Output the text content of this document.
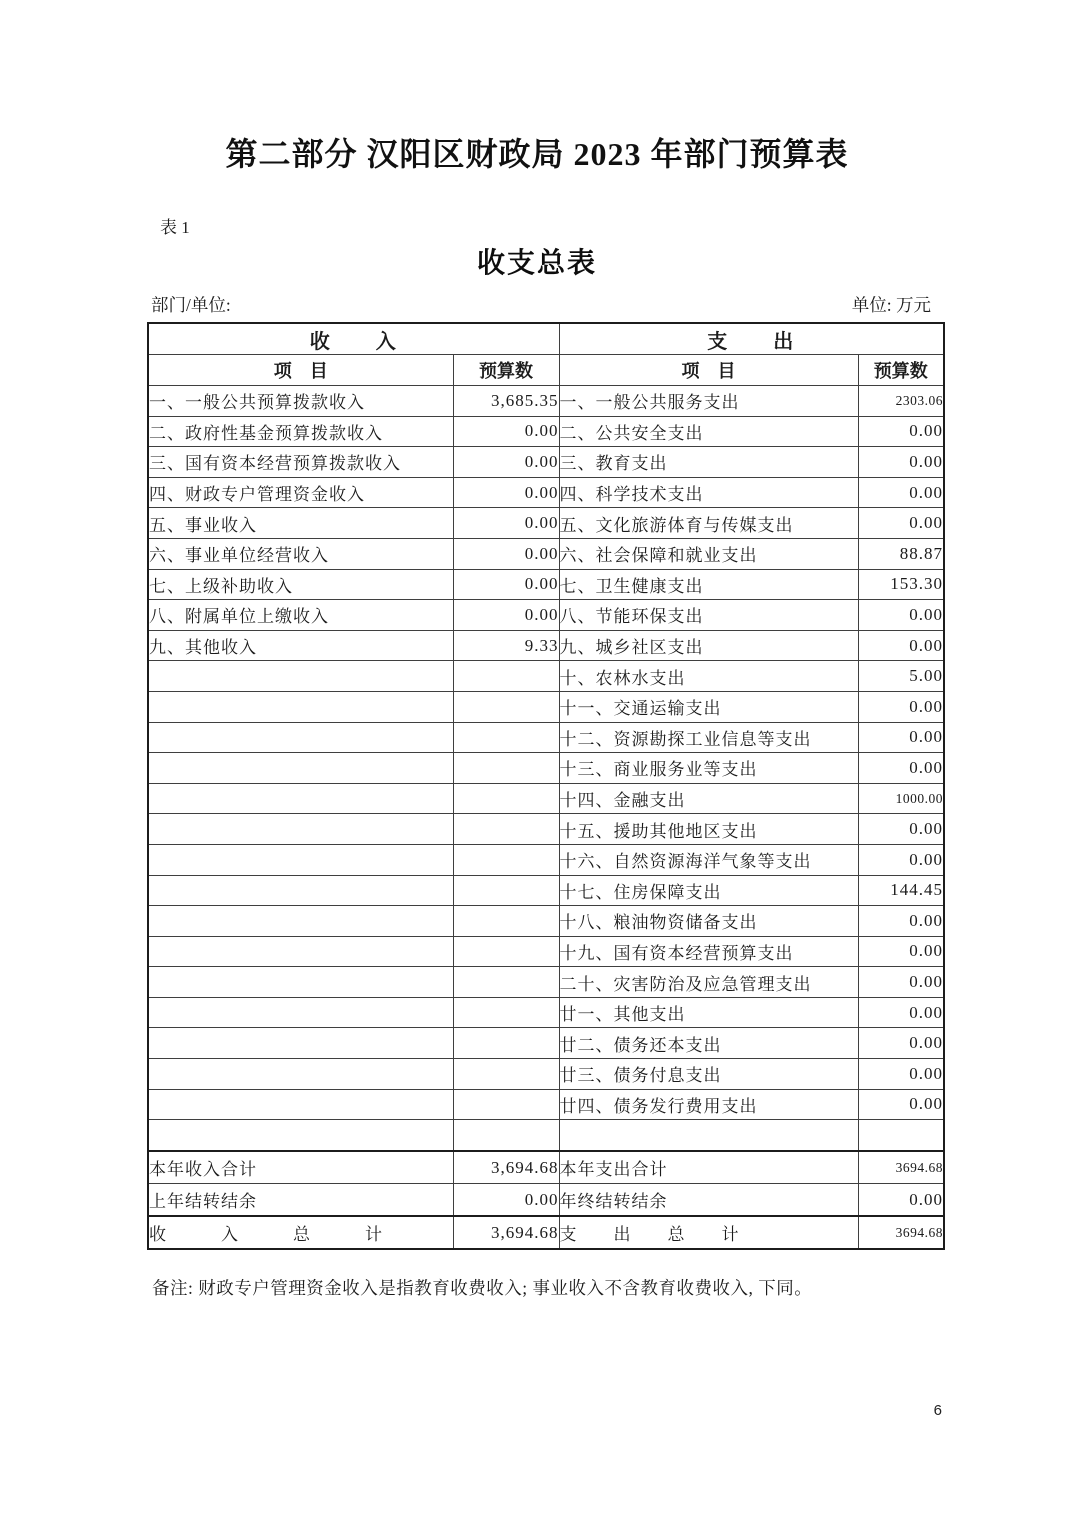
第二部分 汉阳区财政局 2023 年部门预算表
表 1
收支总表
部门/单位:	单位: 万元
收　　入		支　　出	
项　目	预算数	项　目	预算数
一、一般公共预算拨款收入	3,685.35	一、一般公共服务支出	2303.06
二、政府性基金预算拨款收入	0.00	二、公共安全支出	0.00
三、国有资本经营预算拨款收入	0.00	三、教育支出	0.00
四、财政专户管理资金收入	0.00	四、科学技术支出	0.00
五、事业收入	0.00	五、文化旅游体育与传媒支出	0.00
六、事业单位经营收入	0.00	六、社会保障和就业支出	88.87
七、上级补助收入	0.00	七、卫生健康支出	153.30
八、附属单位上缴收入	0.00	八、节能环保支出	0.00
九、其他收入	9.33	九、城乡社区支出	0.00
		十、农林水支出	5.00
		十一、交通运输支出	0.00
		十二、资源勘探工业信息等支出	0.00
		十三、商业服务业等支出	0.00
		十四、金融支出	1000.00
		十五、援助其他地区支出	0.00
		十六、自然资源海洋气象等支出	0.00
		十七、住房保障支出	144.45
		十八、粮油物资储备支出	0.00
		十九、国有资本经营预算支出	0.00
		二十、灾害防治及应急管理支出	0.00
		廿一、其他支出	0.00
		廿二、债务还本支出	0.00
		廿三、债务付息支出	0.00
		廿四、债务发行费用支出	0.00

本年收入合计	3,694.68	本年支出合计	3694.68
上年结转结余	0.00	年终结转结余	0.00
收　　　入　　　总　　　计	3,694.68	支　　出　　总　　计	3694.68
备注: 财政专户管理资金收入是指教育收费收入; 事业收入不含教育收费收入, 下同。
6
